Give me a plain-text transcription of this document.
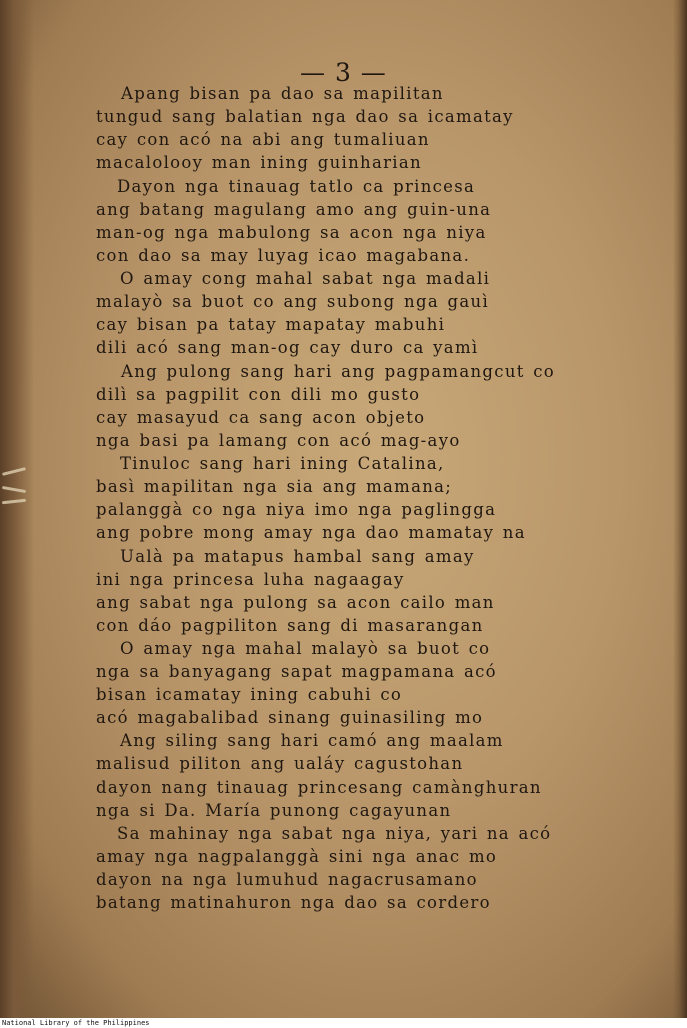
— 3 —
Apang bisan pa dao sa mapilitan
tungud sang balatian nga dao sa icamatay
cay con acó na abi ang tumaliuan
macalolooy man ining guinharian
Dayon nga tinauag tatlo ca princesa
ang batang magulang amo ang guin-una
man-og nga mabulong sa acon nga niya
con dao sa may luyag icao magabana.
O amay cong mahal sabat nga madali
malayò sa buot co ang subong nga gauì
cay bisan pa tatay mapatay mabuhi
dili acó sang man-og cay duro ca yamì
Ang pulong sang hari ang pagpamangcut co
dilì sa pagpilit con dili mo gusto
cay masayud ca sang acon objeto
nga basi pa lamang con acó mag-ayo
Tinuloc sang hari ining Catalina,
basì mapilitan nga sia ang mamana;
palanggà co nga niya imo nga paglingga
ang pobre mong amay nga dao mamatay na
Ualà pa matapus hambal sang amay
ini nga princesa luha nagaagay
ang sabat nga pulong sa acon cailo man
con dáo pagpiliton sang di masarangan
O amay nga mahal malayò sa buot co
nga sa banyagang sapat magpamana acó
bisan icamatay ining cabuhi co
acó magabalibad sinang guinasiling mo
Ang siling sang hari camó ang maalam
malisud piliton ang ualáy cagustohan
dayon nang tinauag princesang camànghuran
nga si Da. María punong cagayunan
Sa mahinay nga sabat nga niya, yari na acó
amay nga nagpalanggà sini nga anac mo
dayon na nga lumuhud nagacrusamano
batang matinahuron nga dao sa cordero
National Library of the Philippines
